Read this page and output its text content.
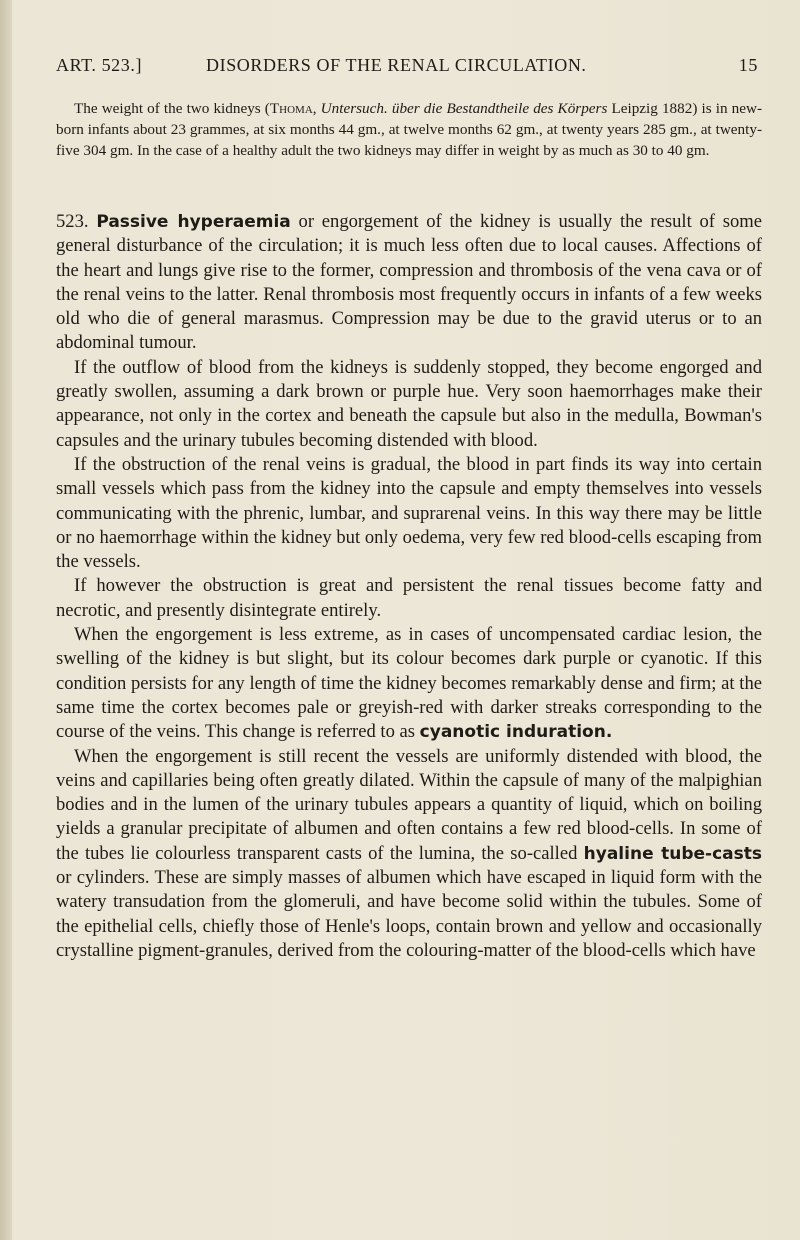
ART. 523.]	DISORDERS OF THE RENAL CIRCULATION.	15
The weight of the two kidneys (Thoma, Untersuch. über die Bestandtheile des Körpers Leipzig 1882) is in new-born infants about 23 grammes, at six months 44 gm., at twelve months 62 gm., at twenty years 285 gm., at twenty-five 304 gm. In the case of a healthy adult the two kidneys may differ in weight by as much as 30 to 40 gm.

523. Passive hyperaemia or engorgement of the kidney is usually the result of some general disturbance of the circulation; it is much less often due to local causes. Affections of the heart and lungs give rise to the former, compression and thrombosis of the vena cava or of the renal veins to the latter. Renal thrombosis most frequently occurs in infants of a few weeks old who die of general marasmus. Compression may be due to the gravid uterus or to an abdominal tumour.

If the outflow of blood from the kidneys is suddenly stopped, they become engorged and greatly swollen, assuming a dark brown or purple hue. Very soon haemorrhages make their appearance, not only in the cortex and beneath the capsule but also in the medulla, Bowman's capsules and the urinary tubules becoming distended with blood.

If the obstruction of the renal veins is gradual, the blood in part finds its way into certain small vessels which pass from the kidney into the capsule and empty themselves into vessels communicating with the phrenic, lumbar, and suprarenal veins. In this way there may be little or no haemorrhage within the kidney but only oedema, very few red blood-cells escaping from the vessels.

If however the obstruction is great and persistent the renal tissues become fatty and necrotic, and presently disintegrate entirely.

When the engorgement is less extreme, as in cases of uncompensated cardiac lesion, the swelling of the kidney is but slight, but its colour becomes dark purple or cyanotic. If this condition persists for any length of time the kidney becomes remarkably dense and firm; at the same time the cortex becomes pale or greyish-red with darker streaks corresponding to the course of the veins. This change is referred to as cyanotic induration.

When the engorgement is still recent the vessels are uniformly distended with blood, the veins and capillaries being often greatly dilated. Within the capsule of many of the malpighian bodies and in the lumen of the urinary tubules appears a quantity of liquid, which on boiling yields a granular precipitate of albumen and often contains a few red blood-cells. In some of the tubes lie colourless transparent casts of the lumina, the so-called hyaline tube-casts or cylinders. These are simply masses of albumen which have escaped in liquid form with the watery transudation from the glomeruli, and have become solid within the tubules. Some of the epithelial cells, chiefly those of Henle's loops, contain brown and yellow and occasionally crystalline pigment-granules, derived from the colouring-matter of the blood-cells which have
